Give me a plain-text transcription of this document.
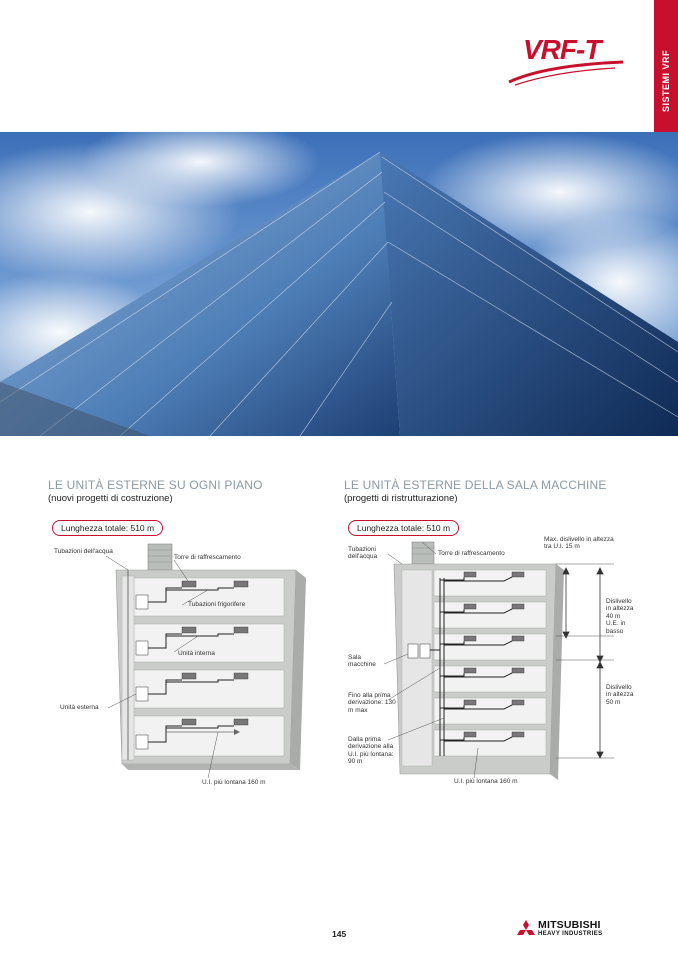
SISTEMI VRF
VRF-T
LE UNITÀ ESTERNE SU OGNI PIANO
(nuovi progetti di costruzione)
Lunghezza totale: 510 m
Tubazioni dell'acqua
Torre di raffrescamento
Tubazioni frigorifere
Unità interna
Unità esterna
U.I. più lontana 160 m
LE UNITÀ ESTERNE DELLA SALA MACCHINE
(progetti di ristrutturazione)
Lunghezza totale: 510 m
Tubazioni dell'acqua	Torre di raffrescamento
Max. dislivello in altezza tra U.I. 15 m
Dislivello in altezza 40 m U.E. in basso
Sala macchine
Dislivello in altezza 50 m
Fino alla prima derivazione: 130 m max
Dalla prima derivazione alla U.I. più lontana: 90 m
U.I. più lontana 160 m
145
MITSUBISHI
HEAVY INDUSTRIES
